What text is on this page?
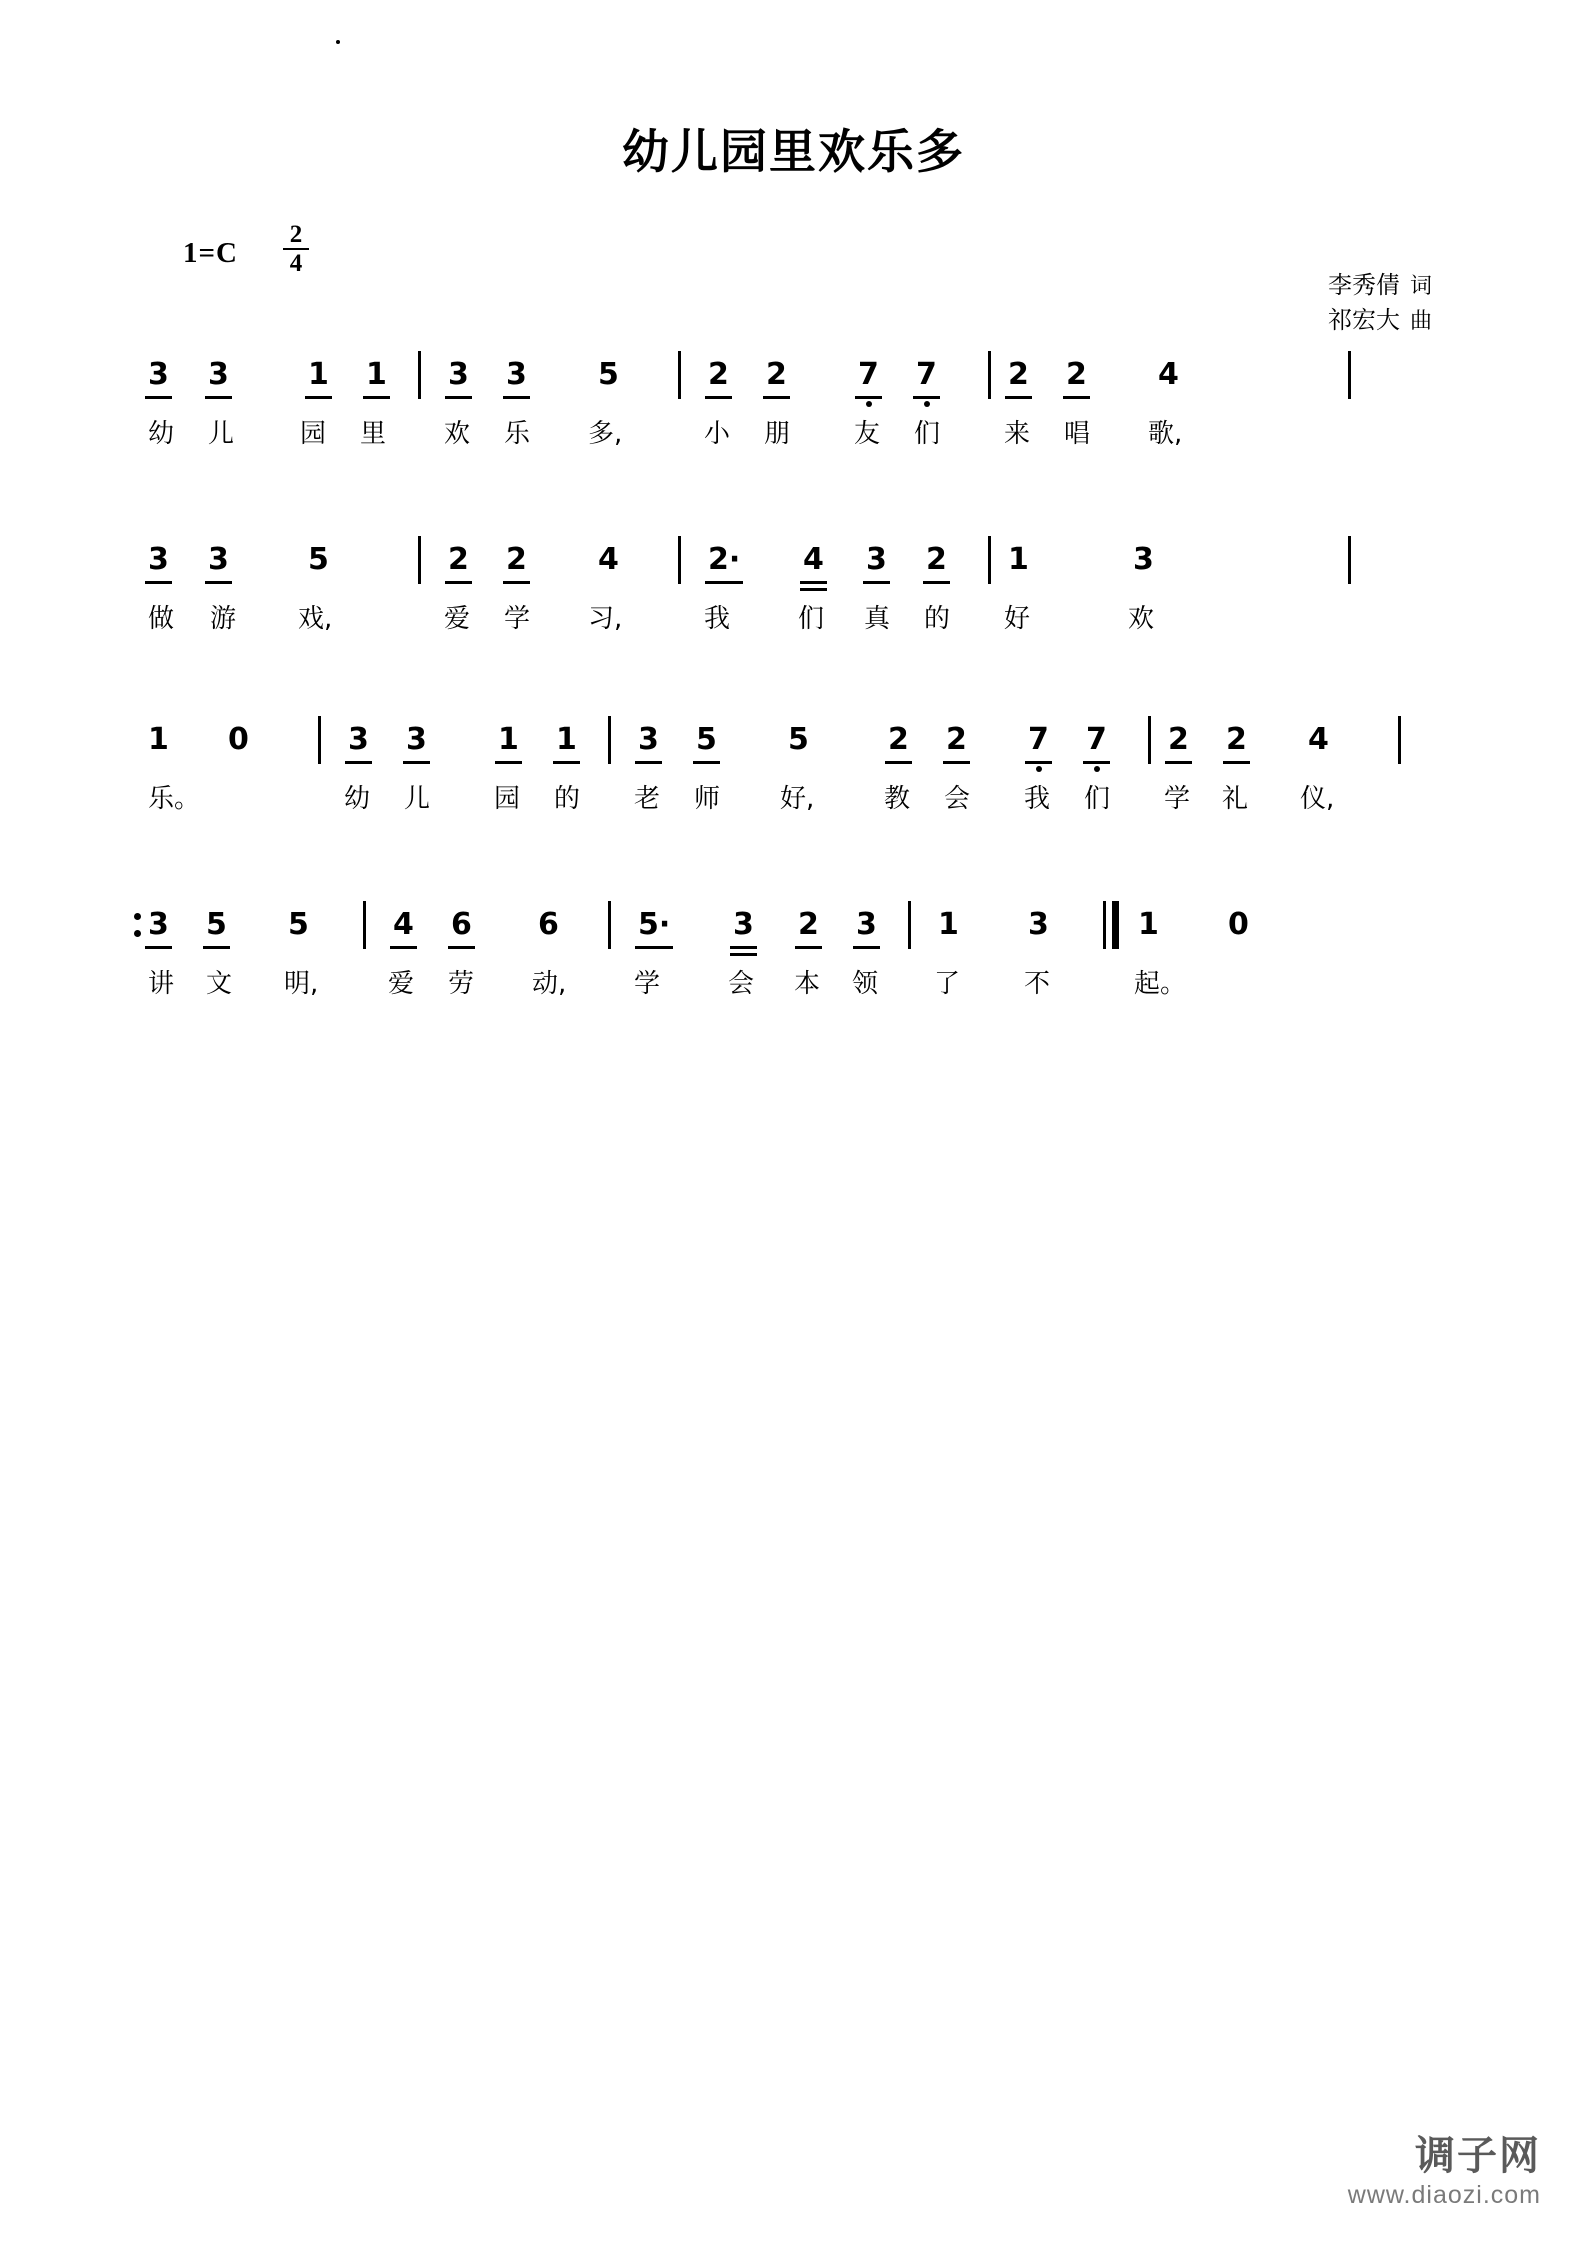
幼儿园里欢乐多
$1=C \frac{2}{4}$
李秀倩 词
祁宏大 曲
3 3	1 1 3 3 5	2 2 7 7 2 2 4
幼 儿	园 里 欢 乐 多,	小 朋 友 们 来 唱 歌,
3 3	5	2 2 4	2· 4 3 2 1	3
做 游 戏,	爱 学 习,	我	们 真 的 好	欢
1 0	3 3 1 1 3 5 5	2 2 7 7 2 2 4
乐。	幼 儿 园 的 老 师 好,	教 会 我 们 学 礼 仪,
3 5 5	4 6 6	5· 3 2 3 1 3	1 0
讲 文 明,	爱 劳 动,	学	会 本 领 了 不	起。
调子网
www.diaozi.com
